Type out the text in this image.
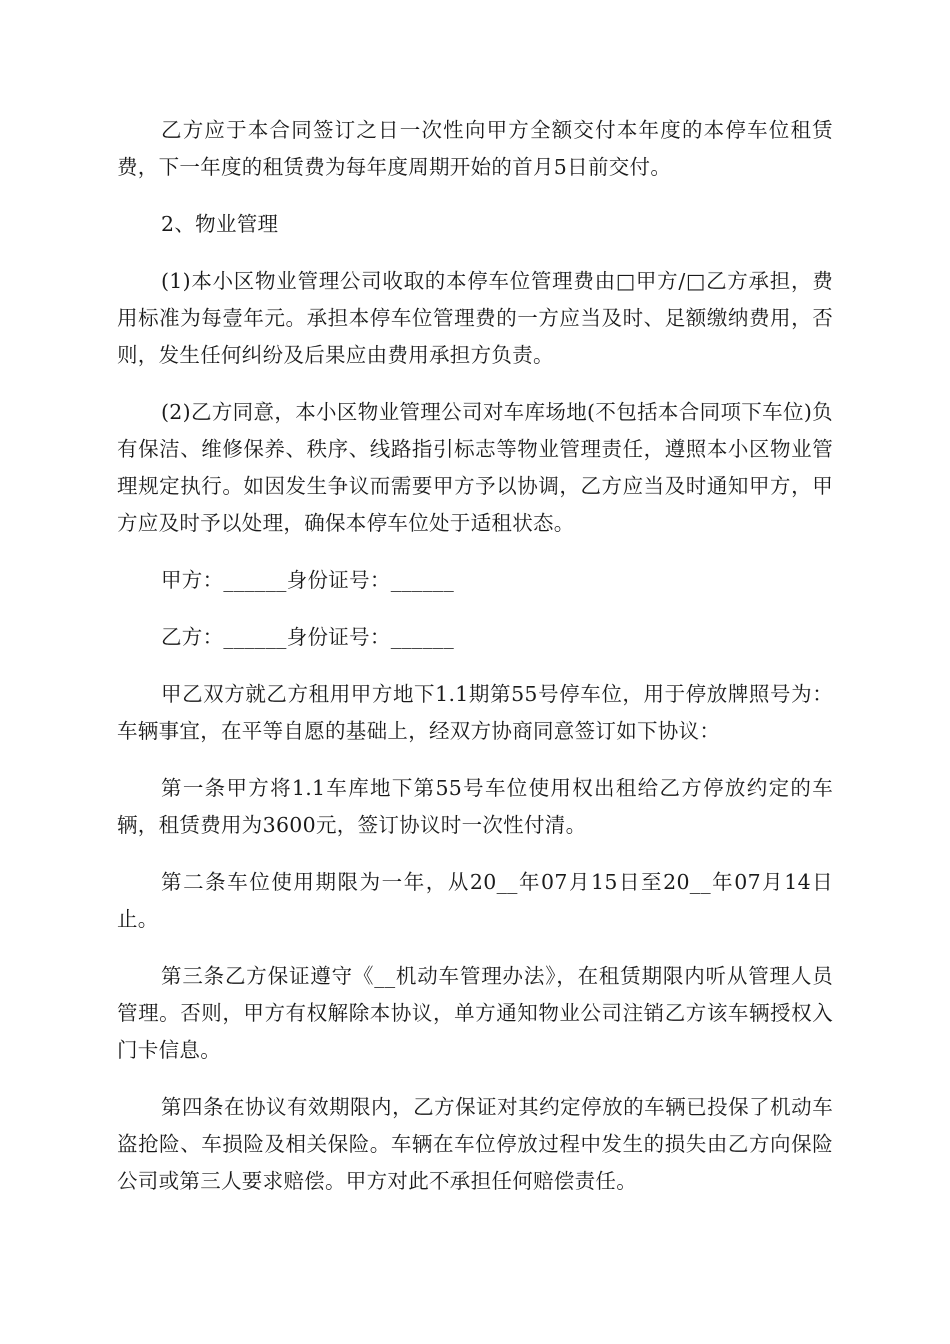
乙方应于本合同签订之日一次性向甲方全额交付本年度的本停车位租赁费，下一年度的租赁费为每年度周期开始的首月5日前交付。

2、物业管理

(1)本小区物业管理公司收取的本停车位管理费由□甲方/□乙方承担，费用标准为每壹年元。承担本停车位管理费的一方应当及时、足额缴纳费用，否则，发生任何纠纷及后果应由费用承担方负责。

(2)乙方同意，本小区物业管理公司对车库场地(不包括本合同项下车位)负有保洁、维修保养、秩序、线路指引标志等物业管理责任，遵照本小区物业管理规定执行。如因发生争议而需要甲方予以协调，乙方应当及时通知甲方，甲方应及时予以处理，确保本停车位处于适租状态。

甲方：______身份证号：______

乙方：______身份证号：______

甲乙双方就乙方租用甲方地下1.1期第55号停车位，用于停放牌照号为：车辆事宜，在平等自愿的基础上，经双方协商同意签订如下协议：

第一条甲方将1.1车库地下第55号车位使用权出租给乙方停放约定的车辆，租赁费用为3600元，签订协议时一次性付清。

第二条车位使用期限为一年，从20__年07月15日至20__年07月14日止。

第三条乙方保证遵守《__机动车管理办法》，在租赁期限内听从管理人员管理。否则，甲方有权解除本协议，单方通知物业公司注销乙方该车辆授权入门卡信息。

第四条在协议有效期限内，乙方保证对其约定停放的车辆已投保了机动车盗抢险、车损险及相关保险。车辆在车位停放过程中发生的损失由乙方向保险公司或第三人要求赔偿。甲方对此不承担任何赔偿责任。
